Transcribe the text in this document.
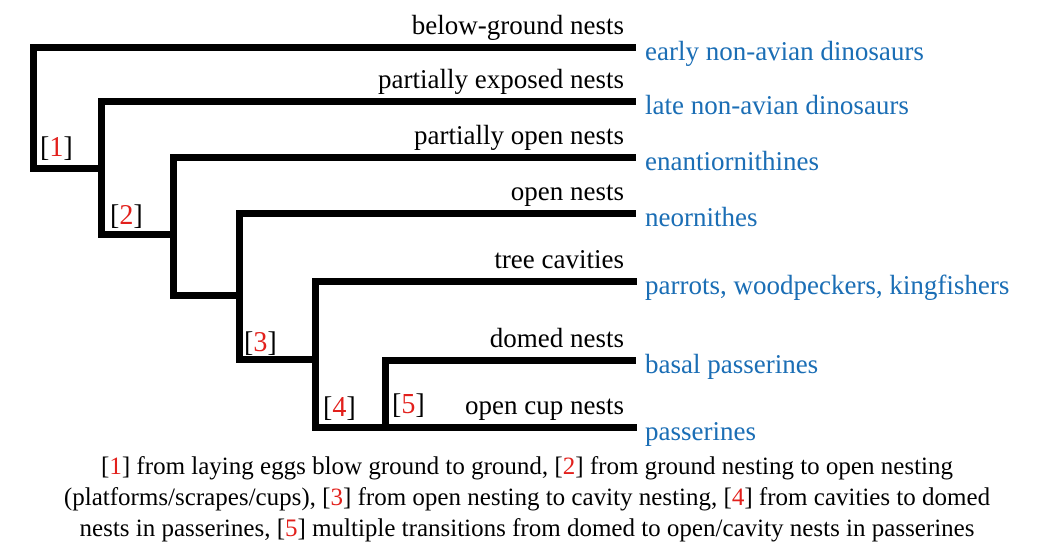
below-ground nests
partially exposed nests
partially open nests
open nests
tree cavities
domed nests
open cup nests
early non-avian dinosaurs
late non-avian dinosaurs
enantiornithines
neornithes
parrots, woodpeckers, kingfishers
basal passerines
passerines
[1]
[2]
[3]
[4] [5]
[1] from laying eggs blow ground to ground, [2] from ground nesting to open nesting
(platforms/scrapes/cups), [3] from open nesting to cavity nesting, [4] from cavities to domed
nests in passerines, [5] multiple transitions from domed to open/cavity nests in passerines
